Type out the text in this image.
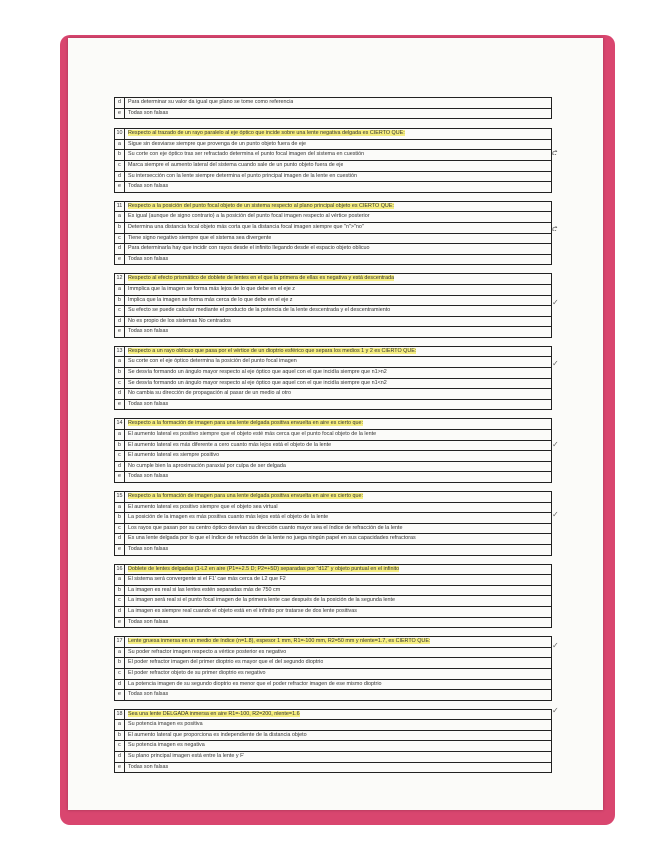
ሮ
ሮ
✓
✓
✓
✓
✓
✓
d	Para determinar su valor da igual que plano se tome como referencia
e	Todas son falsas
10	Respecto al trazado de un rayo paralelo al eje óptico que incide sobre una lente negativa delgada es CIERTO QUE:
a	Sigue sin desviarse siempre que provenga de un punto objeto fuera de eje
b	Su corte con eje óptico tras ser refractado determina el punto focal imagen del sistema en cuestión
c	Marca siempre el aumento lateral del sistema cuando sale de un punto objeto fuera de eje
d	Su intersección con la lente siempre determina el punto principal imagen de la lente en cuestión
e	Todas son falsas
11	Respecto a la posición del punto focal objeto de un sistema respecto al plano principal objeto es CIERTO QUE:
a	Es igual (aunque de signo contrario) a la posición del punto focal imagen respecto al vértice posterior
b	Determina una distancia focal objeto más corta que la distancia focal imagen siempre que "n">"no"
c	Tiene signo negativo siempre que el sistema sea divergente
d	Para determinarla hay que incidir con rayos desde el infinito llegando desde el espacio objeto oblicuo
e	Todas son falsas
12	Respecto al efecto prismático de doblete de lentes en el que la primera de ellas es negativa y está descentrada
a	Immplica que la imagen se forma más lejos de lo que debe en el eje z
b	Implica que la imagen se forma más cerca de lo que debe en el eje z
c	Su efecto se puede calcular mediante el producto de la potencia de la lente descentrada y el descentramiento
d	No es propio de los sistemas No centrados
e	Todas son falsas
13	Respecto a un rayo oblicuo que pasa por el vértice de un dioptrio esférico que separa los medios 1 y 2 es CIERTO QUE:
a	Su corte con el eje óptico determina la posición del punto focal imagen
b	Se desvía formando un ángulo mayor respecto al eje óptico que aquel con el que incidía siempre que n1>n2
c	Se desvía formando un ángulo mayor respecto al eje óptico que aquel con el que incidía siempre que n1<n2
d	No cambia su dirección de propagación al pasar de un medio al otro
e	Todas son falsas
14	Respecto a la formación de imagen para una lente delgada positiva envuelta en aire es cierto que:
a	El aumento lateral es positivo siempre que el objeto esté más cerca que el punto focal objeto de la lente
b	El aumento lateral es más diferente a cero cuanto más lejos está el objeto de la lente
c	El aumento lateral es siempre positivo
d	No cumple bien la aproximación paraxial por culpa de ser delgada
e	Todas son falsas
15	Respecto a la formación de imagen para una lente delgada positiva envuelta en aire es cierto que:
a	El aumento lateral es positivo siempre que el objeto sea virtual
b	La posición de la imagen es más positiva cuanto más lejos está el objeto de la lente
c	Los rayos que pasan por su centro óptico desvían su dirección cuanto mayor sea el índice de refracción de la lente
d	Es una lente delgada por lo que el índice de refracción de la lente no juega ningún papel en sus capacidades refractoras
e	Todas son falsas
16	Doblete de lentes delgadas (1-L2 en aire (P1=+2.5 D; P2=+5D) separadas por "d12" y objeto puntual en el infinito
a	El sistema será convergente si el F1' cae más cerca de L2 que F2
b	La imagen es real si las lentes estén separadas más de 750 cm
c	La imagen será real si el punto focal imagen de la primera lente cae después de la posición de la segunda lente
d	La imagen es siempre real cuando el objeto está en el infinito por tratarse de dos lente positivas
e	Todas son falsas
17	Lente gruesa inmersa en un medio de índice (n=1.8), espesor 1 mm, R1=-100 mm, R2=50 mm y nlente=1.7, es CIERTO QUE:
a	Su poder refractor imagen respecto a vértice posterior es negativo
b	El poder refractor imagen del primer dioptrio es mayor que el del segundo dioptrio
c	El poder refractor objeto de su primer dioptrio es negativo
d	La potencia imagen de su segundo dioptrio es menor que el poder refractor imagen de ese mismo dioptrio
e	Todas son falsas
18	Sea una lente DELGADA inmersa en aire R1=-100, R2=200, nlente=1.6
a	Su potencia imagen es positiva
b	El aumento lateral que proporciona es independiente de la distancia objeto
c	Su potencia imagen es negativa
d	Su plano principal imagen está entre la lente y F'
e	Todas son falsas
